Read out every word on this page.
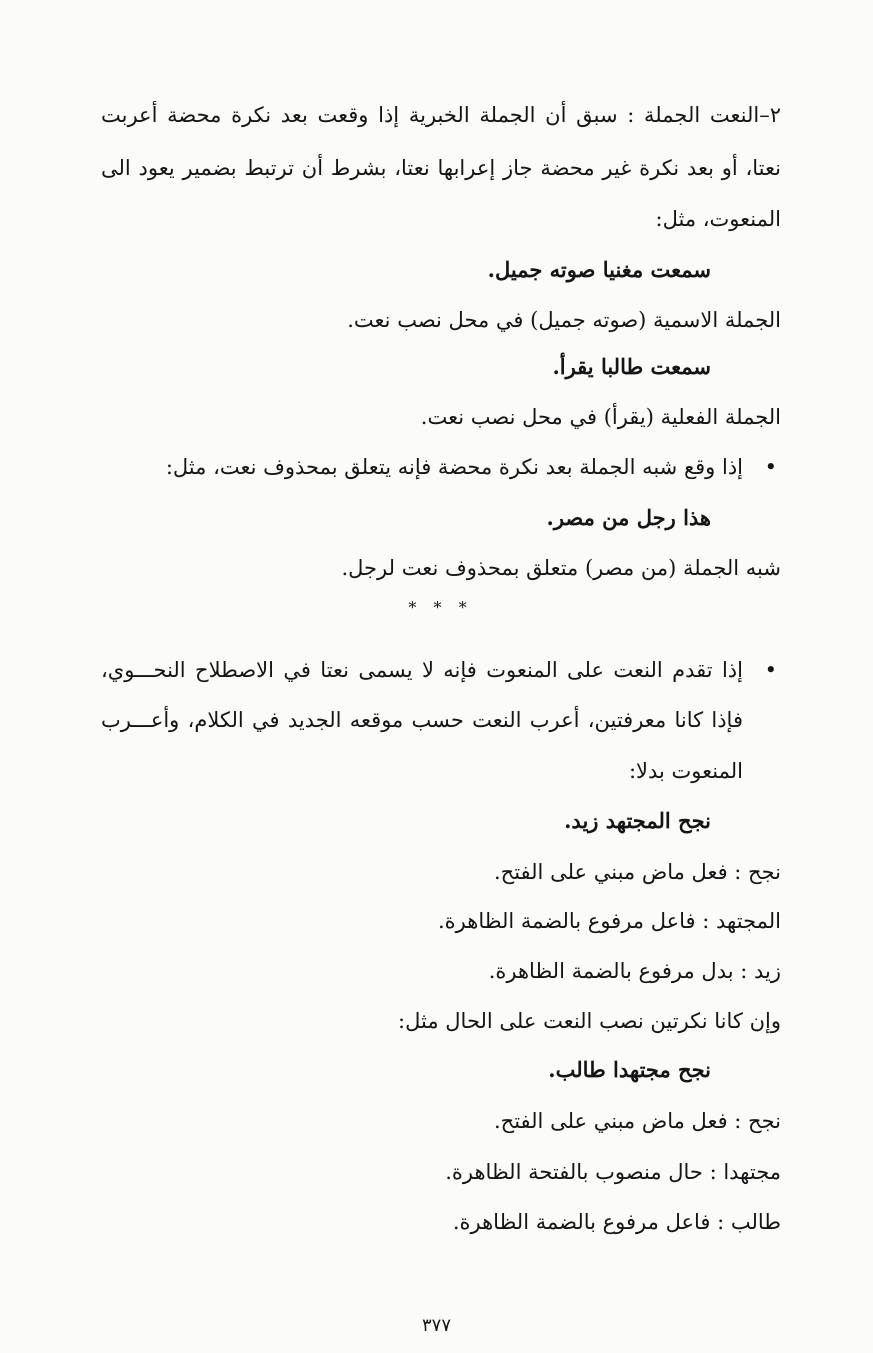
٢–النعت الجملة : سبق أن الجملة الخبرية إذا وقعت بعد نكرة محضة أعربت
نعتا، أو بعد نكرة غير محضة جاز إعرابها نعتا، بشرط أن ترتبط بضمير يعود الى
المنعوت، مثل:
سمعت مغنيا صوته جميل.
الجملة الاسمية (صوته جميل) في محل نصب نعت.
سمعت طالبا يقرأ.
الجملة الفعلية (يقرأ) في محل نصب نعت.
•
إذا وقع شبه الجملة بعد نكرة محضة فإنه يتعلق بمحذوف نعت، مثل:
هذا رجل من مصر.
شبه الجملة (من مصر) متعلق بمحذوف نعت لرجل.
* * *
•
إذا تقدم النعت على المنعوت فإنه لا يسمى نعتا في الاصطلاح النحـــوي،
فإذا كانا معرفتين، أعرب النعت حسب موقعه الجديد في الكلام، وأعـــرب
المنعوت بدلا:
نجح المجتهد زيد.
نجح : فعل ماض مبني على الفتح.
المجتهد : فاعل مرفوع بالضمة الظاهرة.
زيد : بدل مرفوع بالضمة الظاهرة.
وإن كانا نكرتين نصب النعت على الحال مثل:
نجح مجتهدا طالب.
نجح : فعل ماض مبني على الفتح.
مجتهدا : حال منصوب بالفتحة الظاهرة.
طالب : فاعل مرفوع بالضمة الظاهرة.
٣٧٧
